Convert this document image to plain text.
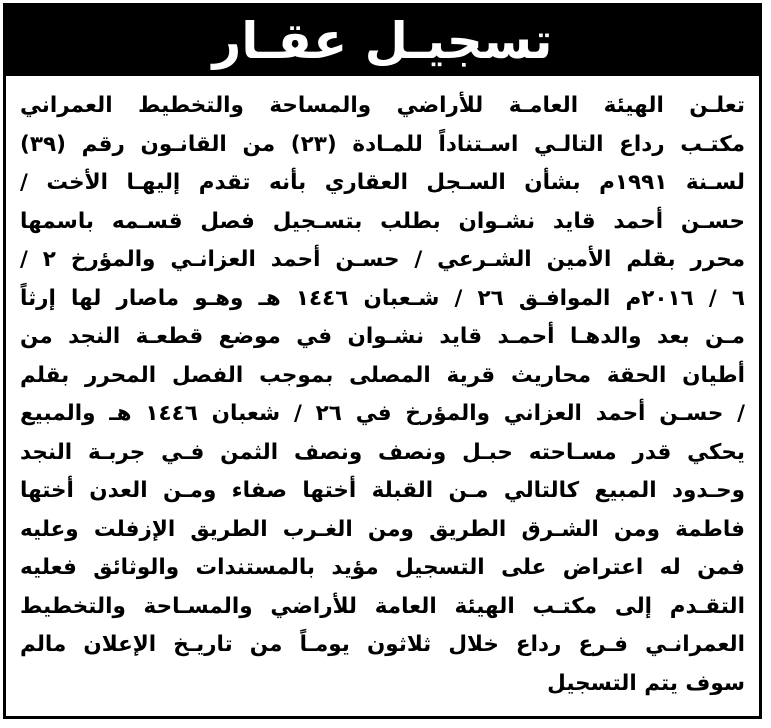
تسجيـل عقـار
تعلـن الهيئة العامـة للأراضي والمساحة والتخطيط العمراني
مكتـب رداع التالـي اسـتناداً للمـادة (٢٣) من القانـون رقم (٣٩)
لسـنة ١٩٩١م بشأن السـجل العقاري بأنه تقدم إليهـا الأخت /
حسـن أحمد قايد نشـوان بطلب بتسـجيل فصل قسـمه باسمها
محرر بقلم الأمين الشـرعي / حسـن أحمد العزانـي والمؤرخ ٢ /
٦ / ٢٠١٦م الموافـق ٢٦ / شـعبان ١٤٤٦ هـ وهـو ماصار لها إرثاً
مـن بعد والدهـا أحمـد قايد نشـوان في موضع قطعـة النجد من
أطيان الحقة محاريث قرية المصلى بموجب الفصل المحرر بقلم
/ حسـن أحمد العزاني والمؤرخ في ٢٦ / شعبان ١٤٤٦ هـ والمبيع
يحكي قدر مسـاحته حبـل ونصف ونصف الثمن فـي جربـة النجد
وحـدود المبيع كالتالي مـن القبلة أختها صفاء ومـن العدن أختها
فاطمة ومن الشـرق الطريق ومن الغـرب الطريق الإزفلت وعليه
فمن له اعتراض على التسجيل مؤيد بالمستندات والوثائق فعليه
التقـدم إلى مكتـب الهيئة العامة للأراضي والمسـاحة والتخطيط
العمرانـي فـرع رداع خلال ثلاثون يومـاً من تاريـخ الإعلان مالم
سوف يتم التسجيل
